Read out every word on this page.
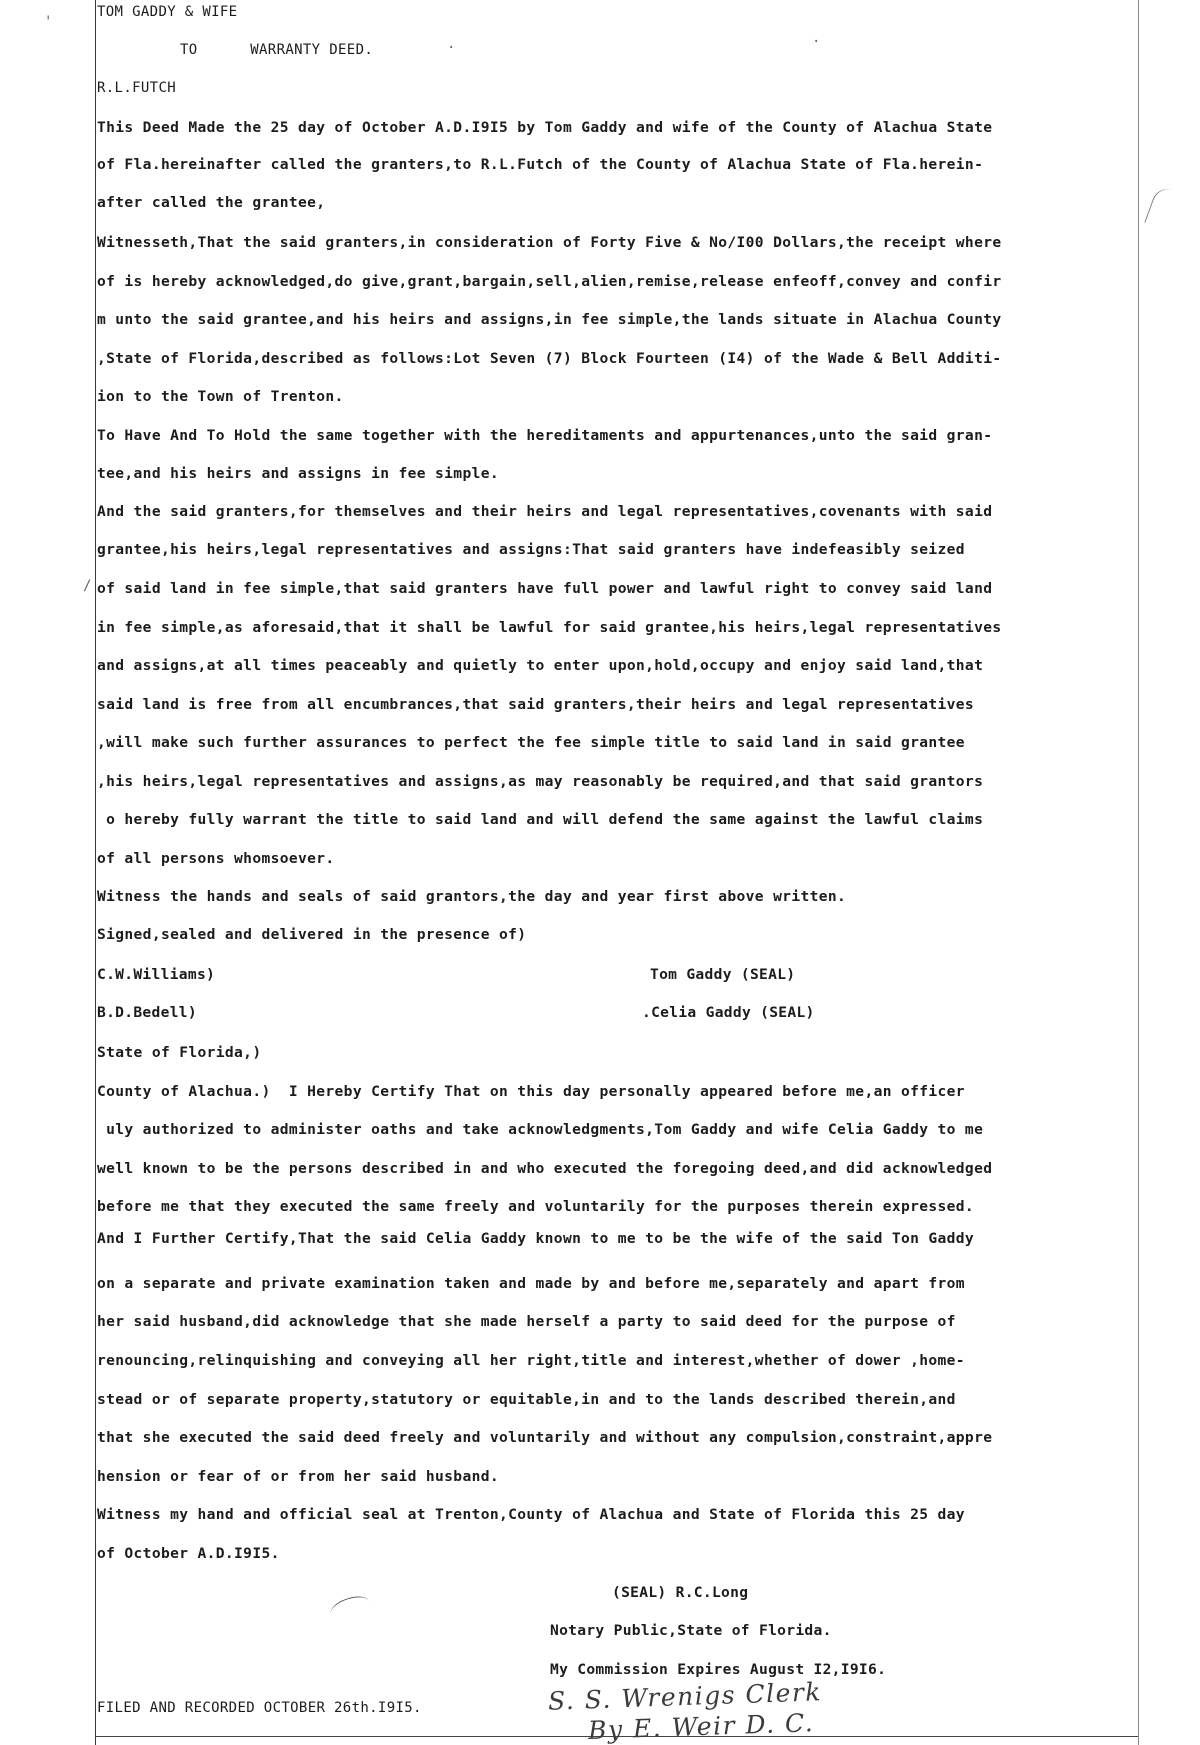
TOM GADDY & WIFE
TO      WARRANTY DEED.
R.L.FUTCH
This Deed Made the 25 day of October A.D.I9I5 by Tom Gaddy and wife of the County of Alachua State
of Fla.hereinafter called the granters,to R.L.Futch of the County of Alachua State of Fla.herein-
after called the grantee,
Witnesseth,That the said granters,in consideration of Forty Five & No/I00 Dollars,the receipt where
of is hereby acknowledged,do give,grant,bargain,sell,alien,remise,release enfeoff,convey and confir
m unto the said grantee,and his heirs and assigns,in fee simple,the lands situate in Alachua County
,State of Florida,described as follows:Lot Seven (7) Block Fourteen (I4) of the Wade & Bell Additi-
ion to the Town of Trenton.
To Have And To Hold the same together with the hereditaments and appurtenances,unto the said gran-
tee,and his heirs and assigns in fee simple.
And the said granters,for themselves and their heirs and legal representatives,covenants with said
grantee,his heirs,legal representatives and assigns:That said granters have indefeasibly seized
of said land in fee simple,that said granters have full power and lawful right to convey said land
in fee simple,as aforesaid,that it shall be lawful for said grantee,his heirs,legal representatives
and assigns,at all times peaceably and quietly to enter upon,hold,occupy and enjoy said land,that
said land is free from all encumbrances,that said granters,their heirs and legal representatives
,will make such further assurances to perfect the fee simple title to said land in said grantee
,his heirs,legal representatives and assigns,as may reasonably be required,and that said grantors
o hereby fully warrant the title to said land and will defend the same against the lawful claims
of all persons whomsoever.
Witness the hands and seals of said grantors,the day and year first above written.
Signed,sealed and delivered in the presence of)
C.W.Williams)
B.D.Bedell)
Tom Gaddy (SEAL)
.Celia Gaddy (SEAL)
State of Florida,)
County of Alachua.)  I Hereby Certify That on this day personally appeared before me,an officer
uly authorized to administer oaths and take acknowledgments,Tom Gaddy and wife Celia Gaddy to me
well known to be the persons described in and who executed the foregoing deed,and did acknowledged
before me that they executed the same freely and voluntarily for the purposes therein expressed.
And I Further Certify,That the said Celia Gaddy known to me to be the wife of the said Ton Gaddy
on a separate and private examination taken and made by and before me,separately and apart from
her said husband,did acknowledge that she made herself a party to said deed for the purpose of
renouncing,relinquishing and conveying all her right,title and interest,whether of dower ,home-
stead or of separate property,statutory or equitable,in and to the lands described therein,and
that she executed the said deed freely and voluntarily and without any compulsion,constraint,appre
hension or fear of or from her said husband.
Witness my hand and official seal at Trenton,County of Alachua and State of Florida this 25 day
of October A.D.I9I5.
(SEAL) R.C.Long
Notary Public,State of Florida.
My Commission Expires August I2,I9I6.
FILED AND RECORDED OCTOBER 26th.I9I5.	S. S. Wrenigs Clerk
By E. Weir D. C.
'
.
.
/
